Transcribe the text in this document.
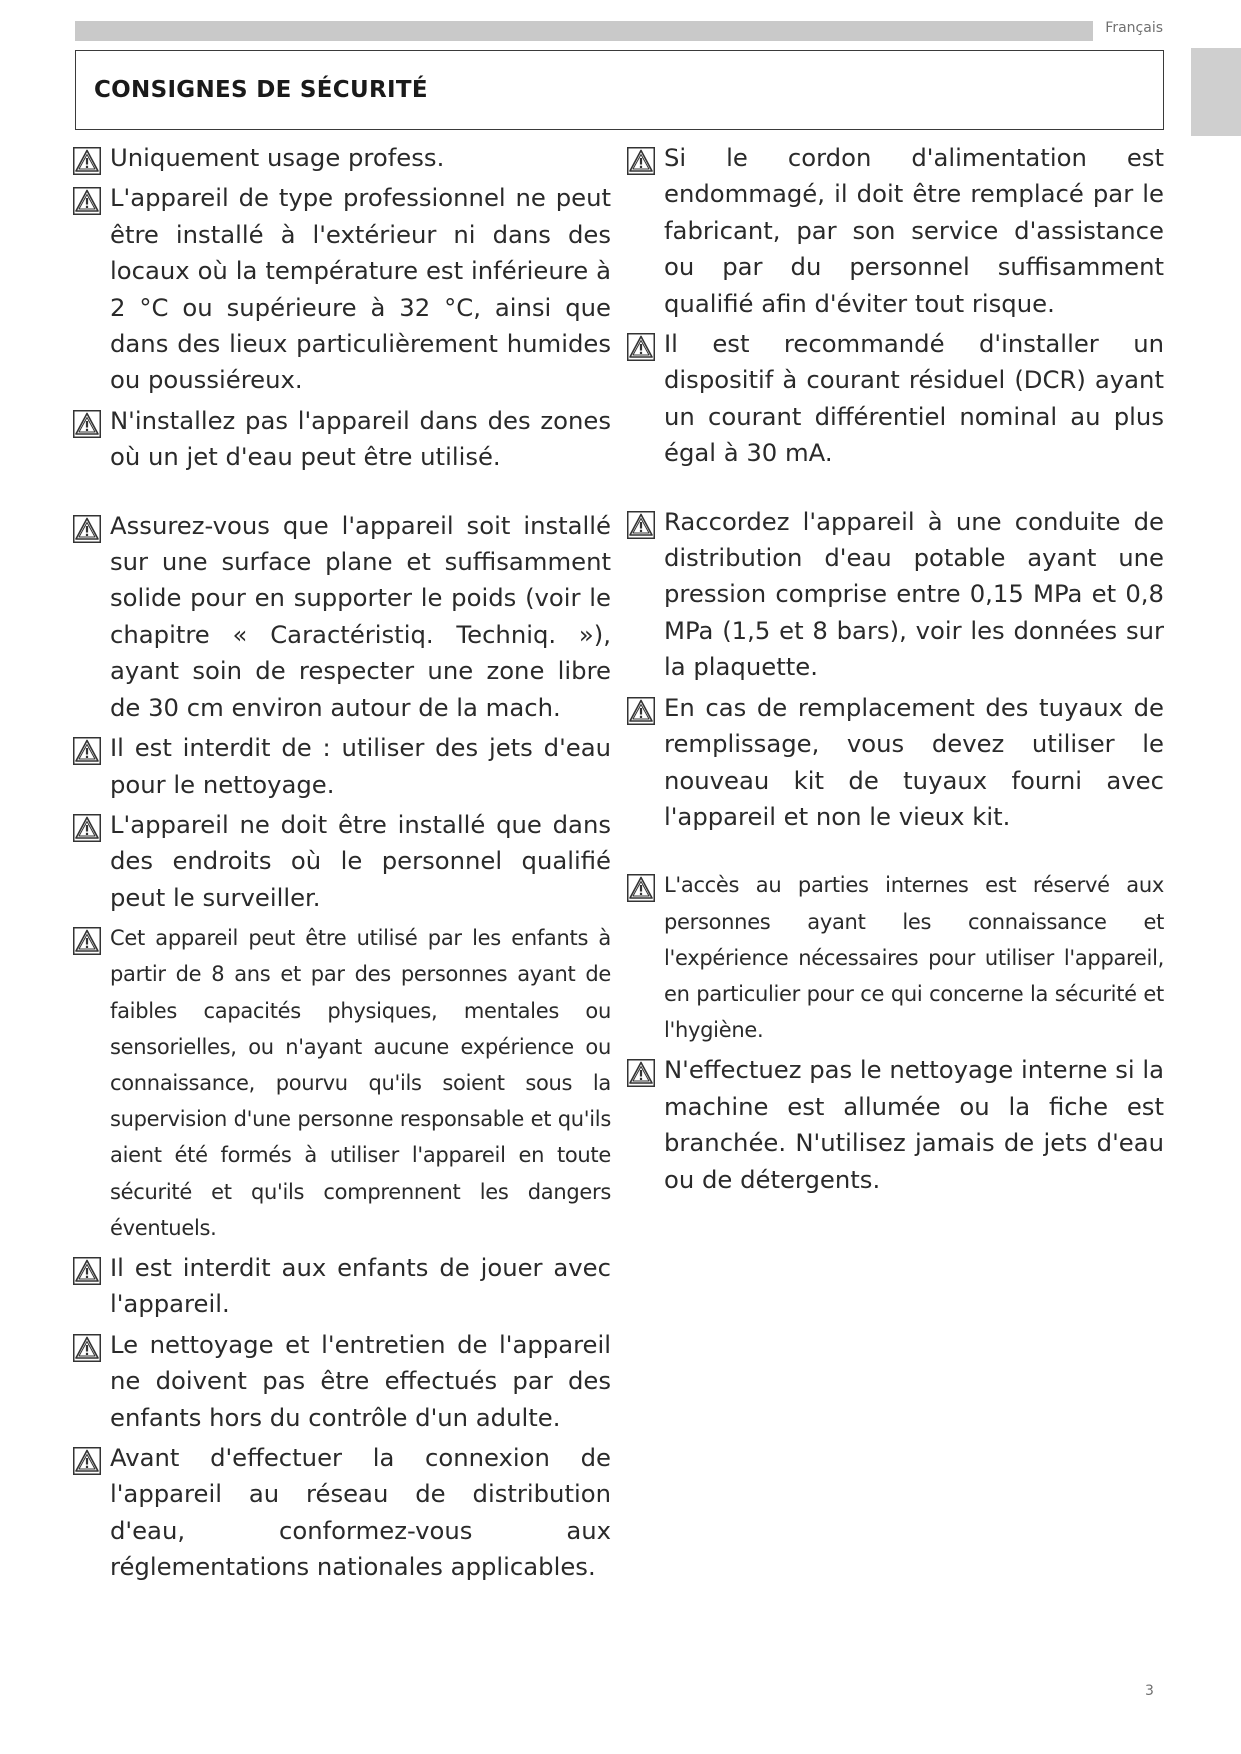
Français
CONSIGNES DE SÉCURITÉ
Uniquement usage profess.
L'appareil de type professionnel ne peut être installé à l'extérieur ni dans des locaux où la température est inférieure à 2 °C ou supérieure à 32 °C, ainsi que dans des lieux particulièrement humides ou poussiéreux.
N'installez pas l'appareil dans des zones où un jet d'eau peut être utilisé.
Assurez-vous que l'appareil soit installé sur une surface plane et suffisamment solide pour en supporter le poids (voir le chapitre « Caractéristiq. Techniq. »), ayant soin de respecter une zone libre de 30 cm environ autour de la mach.
Il est interdit de : utiliser des jets d'eau pour le nettoyage.
L'appareil ne doit être installé que dans des endroits où le personnel qualifié peut le surveiller.
Cet appareil peut être utilisé par les enfants à partir de 8 ans et par des personnes ayant de faibles capacités physiques, mentales ou sensorielles, ou n'ayant aucune expérience ou connaissance, pourvu qu'ils soient sous la supervision d'une personne responsable et qu'ils aient été formés à utiliser l'appareil en toute sécurité et qu'ils comprennent les dangers éventuels.
Il est interdit aux enfants de jouer avec l'appareil.
Le nettoyage et l'entretien de l'appareil ne doivent pas être effectués par des enfants hors du contrôle d'un adulte.
Avant d'effectuer la connexion de l'appareil au réseau de distribution d'eau, conformez-vous aux réglementations nationales applicables.
Si le cordon d'alimentation est endommagé, il doit être remplacé par le fabricant, par son service d'assistance ou par du personnel suffisamment qualifié afin d'éviter tout risque.
Il est recommandé d'installer un dispositif à courant résiduel (DCR) ayant un courant différentiel nominal au plus égal à 30 mA.
Raccordez l'appareil à une conduite de distribution d'eau potable ayant une pression comprise entre 0,15 MPa et 0,8 MPa (1,5 et 8 bars), voir les données sur la plaquette.
En cas de remplacement des tuyaux de remplissage, vous devez utiliser le nouveau kit de tuyaux fourni avec l'appareil et non le vieux kit.
L'accès au parties internes est réservé aux personnes ayant les connaissance et l'expérience nécessaires pour utiliser l'appareil, en particulier pour ce qui concerne la sécurité et l'hygiène.
N'effectuez pas le nettoyage interne si la machine est allumée ou la fiche est branchée. N'utilisez jamais de jets d'eau ou de détergents.
3
